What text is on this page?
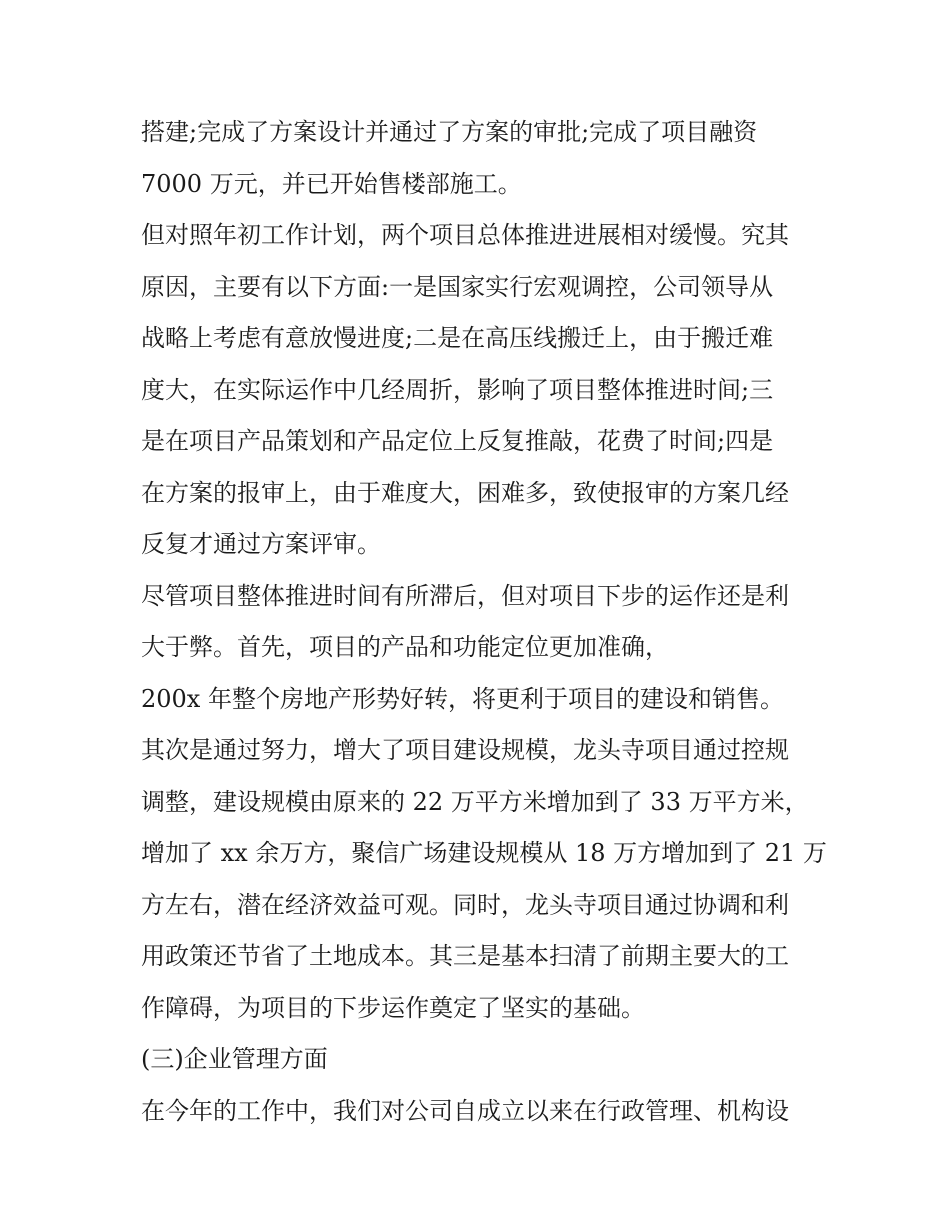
搭建;完成了方案设计并通过了方案的审批;完成了项目融资
7000 万元，并已开始售楼部施工。
但对照年初工作计划，两个项目总体推进进展相对缓慢。究其
原因，主要有以下方面:一是国家实行宏观调控，公司领导从
战略上考虑有意放慢进度;二是在高压线搬迁上，由于搬迁难
度大，在实际运作中几经周折，影响了项目整体推进时间;三
是在项目产品策划和产品定位上反复推敲，花费了时间;四是
在方案的报审上，由于难度大，困难多，致使报审的方案几经
反复才通过方案评审。
尽管项目整体推进时间有所滞后，但对项目下步的运作还是利
大于弊。首先，项目的产品和功能定位更加准确，
200x 年整个房地产形势好转，将更利于项目的建设和销售。
其次是通过努力，增大了项目建设规模，龙头寺项目通过控规
调整，建设规模由原来的 22 万平方米增加到了 33 万平方米，
增加了 xx 余万方，聚信广场建设规模从 18 万方增加到了 21 万
方左右，潜在经济效益可观。同时，龙头寺项目通过协调和利
用政策还节省了土地成本。其三是基本扫清了前期主要大的工
作障碍，为项目的下步运作奠定了坚实的基础。
(三)企业管理方面
在今年的工作中，我们对公司自成立以来在行政管理、机构设
